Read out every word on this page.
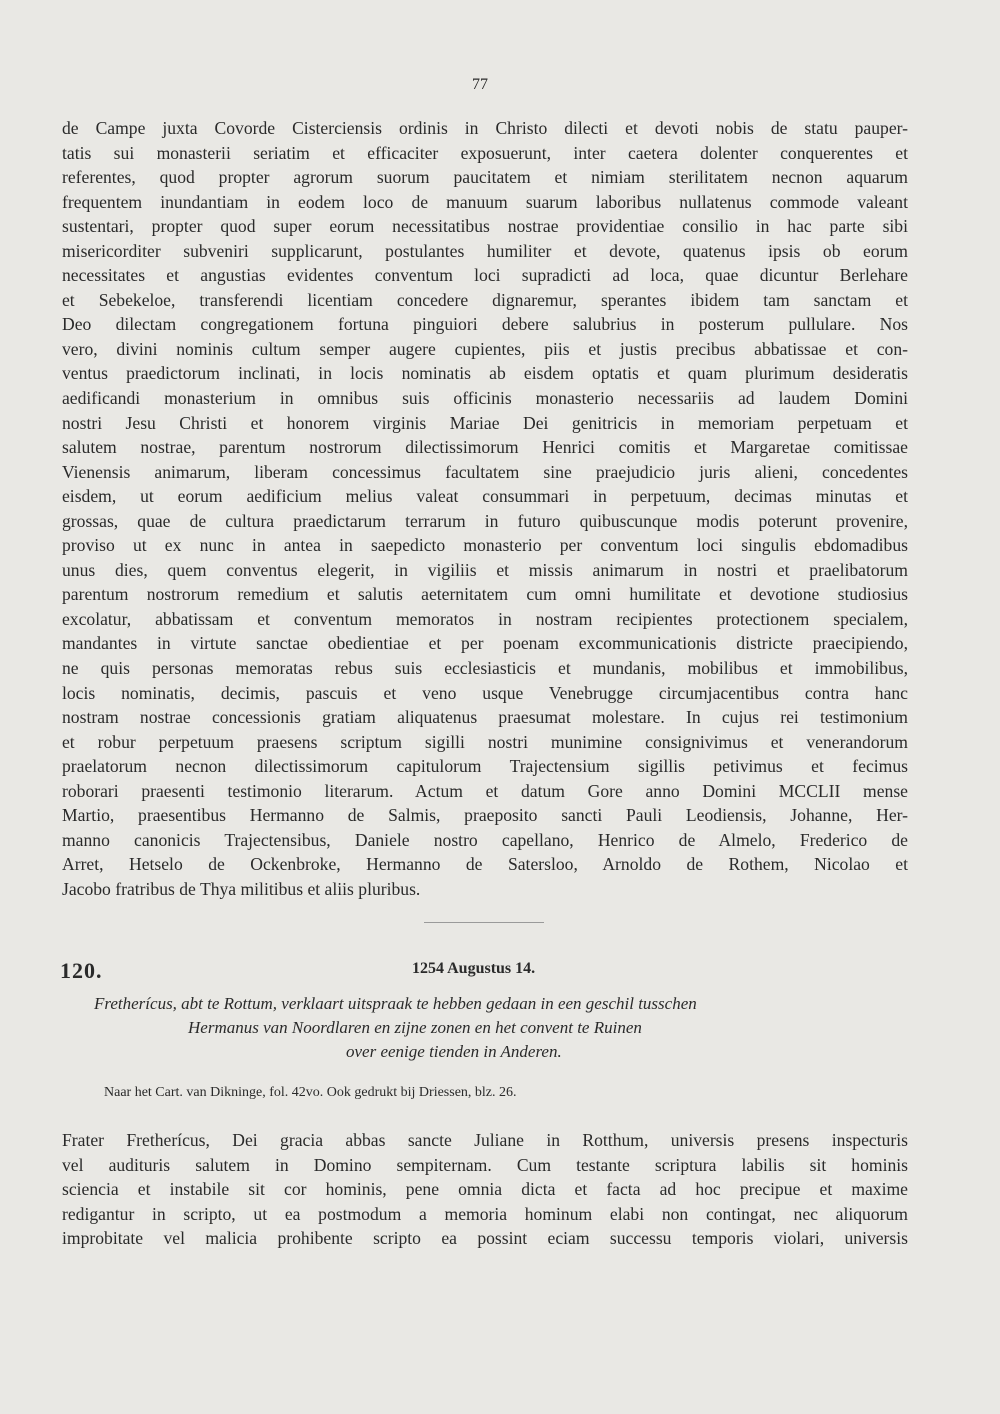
77
de Campe juxta Covorde Cisterciensis ordinis in Christo dilecti et devoti nobis de statu pauper-
tatis sui monasterii seriatim et efficaciter exposuerunt, inter caetera dolenter conquerentes et
referentes, quod propter agrorum suorum paucitatem et nimiam sterilitatem necnon aquarum
frequentem inundantiam in eodem loco de manuum suarum laboribus nullatenus commode valeant
sustentari, propter quod super eorum necessitatibus nostrae providentiae consilio in hac parte sibi
misericorditer subveniri supplicarunt, postulantes humiliter et devote, quatenus ipsis ob eorum
necessitates et angustias evidentes conventum loci supradicti ad loca, quae dicuntur Berlehare
et Sebekeloe, transferendi licentiam concedere dignaremur, sperantes ibidem tam sanctam et
Deo dilectam congregationem fortuna pinguiori debere salubrius in posterum pullulare. Nos
vero, divini nominis cultum semper augere cupientes, piis et justis precibus abbatissae et con-
ventus praedictorum inclinati, in locis nominatis ab eisdem optatis et quam plurimum desideratis
aedificandi monasterium in omnibus suis officinis monasterio necessariis ad laudem Domini
nostri Jesu Christi et honorem virginis Mariae Dei genitricis in memoriam perpetuam et
salutem nostrae, parentum nostrorum dilectissimorum Henrici comitis et Margaretae comitissae
Vienensis animarum, liberam concessimus facultatem sine praejudicio juris alieni, concedentes
eisdem, ut eorum aedificium melius valeat consummari in perpetuum, decimas minutas et
grossas, quae de cultura praedictarum terrarum in futuro quibuscunque modis poterunt provenire,
proviso ut ex nunc in antea in saepedicto monasterio per conventum loci singulis ebdomadibus
unus dies, quem conventus elegerit, in vigiliis et missis animarum in nostri et praelibatorum
parentum nostrorum remedium et salutis aeternitatem cum omni humilitate et devotione studiosius
excolatur, abbatissam et conventum memoratos in nostram recipientes protectionem specialem,
mandantes in virtute sanctae obedientiae et per poenam excommunicationis districte praecipiendo,
ne quis personas memoratas rebus suis ecclesiasticis et mundanis, mobilibus et immobilibus,
locis nominatis, decimis, pascuis et veno usque Venebrugge circumjacentibus contra hanc
nostram nostrae concessionis gratiam aliquatenus praesumat molestare. In cujus rei testimonium
et robur perpetuum praesens scriptum sigilli nostri munimine consignivimus et venerandorum
praelatorum necnon dilectissimorum capitulorum Trajectensium sigillis petivimus et fecimus
roborari praesenti testimonio literarum. Actum et datum Gore anno Domini MCCLII mense
Martio, praesentibus Hermanno de Salmis, praeposito sancti Pauli Leodiensis, Johanne, Her-
manno canonicis Trajectensibus, Daniele nostro capellano, Henrico de Almelo, Frederico de
Arret, Hetselo de Ockenbroke, Hermanno de Satersloo, Arnoldo de Rothem, Nicolao et
Jacobo fratribus de Thya militibus et aliis pluribus.
120.	1254 Augustus 14.
Fretherícus, abt te Rottum, verklaart uitspraak te hebben gedaan in een geschil tusschen
Hermanus van Noordlaren en zijne zonen en het convent te Ruinen
over eenige tienden in Anderen.
Naar het Cart. van Dikninge, fol. 42vo. Ook gedrukt bij Driessen, blz. 26.
Frater Fretherícus, Dei gracia abbas sancte Juliane in Rotthum, universis presens inspecturis
vel audituris salutem in Domino sempiternam. Cum testante scriptura labilis sit hominis
sciencia et instabile sit cor hominis, pene omnia dicta et facta ad hoc precipue et maxime
redigantur in scripto, ut ea postmodum a memoria hominum elabi non contingat, nec aliquorum
improbitate vel malicia prohibente scripto ea possint eciam successu temporis violari, universis
